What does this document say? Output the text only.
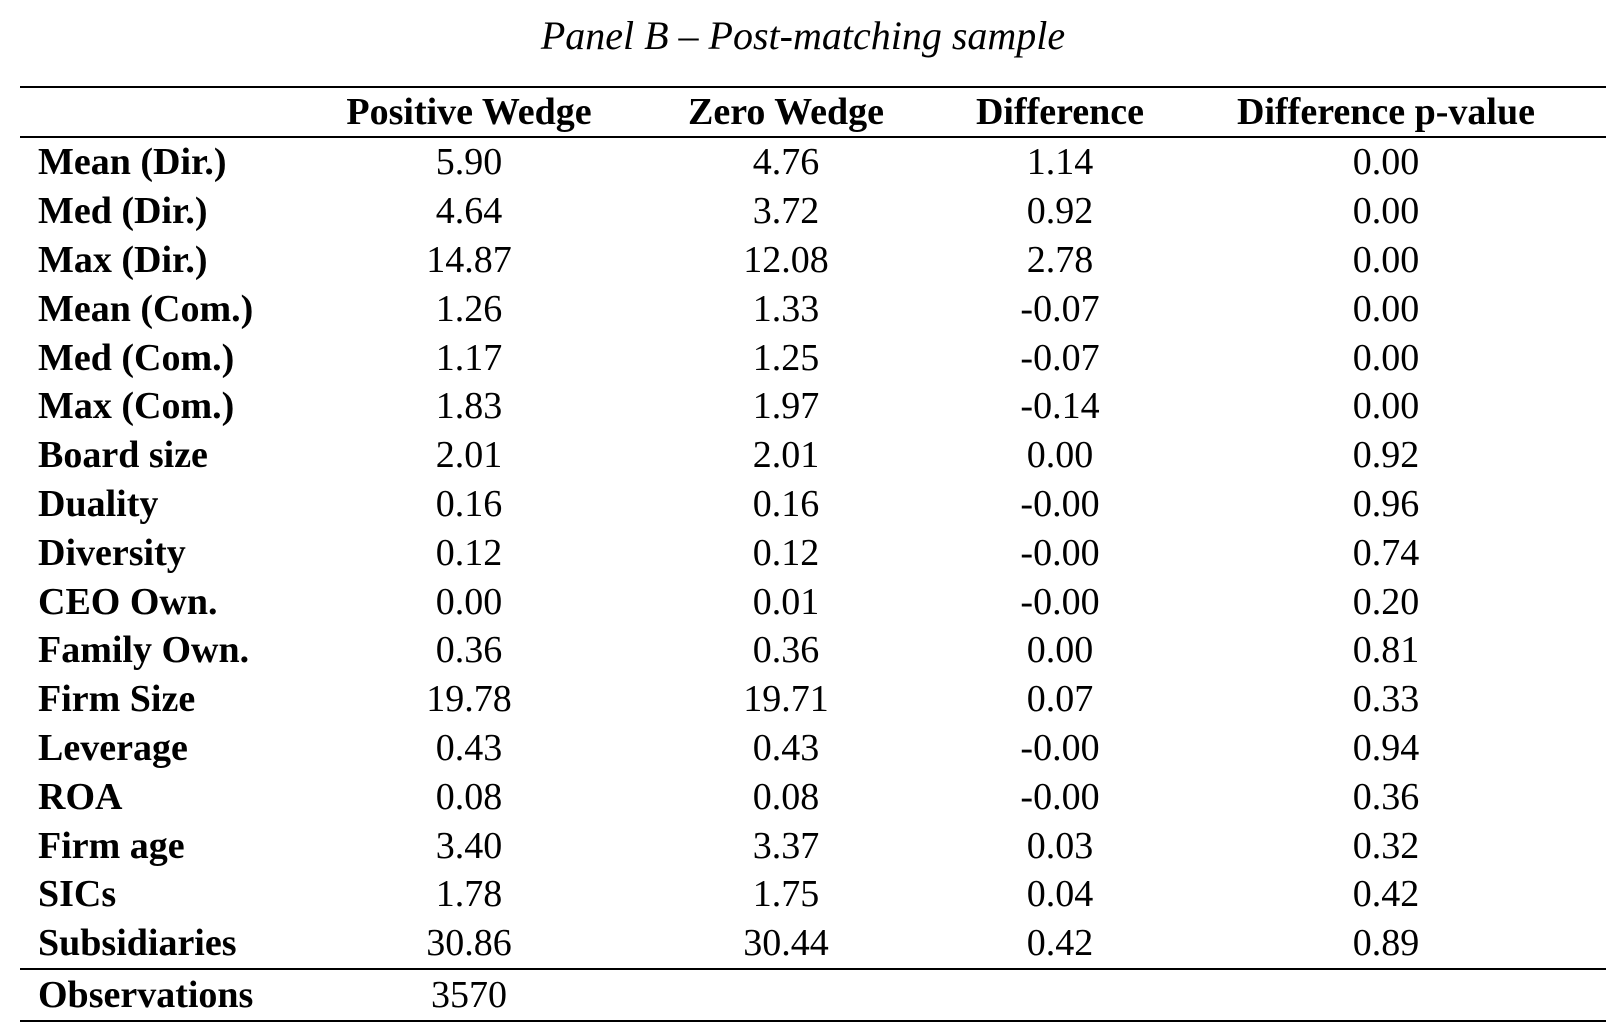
Panel B – Post-matching sample
	Positive Wedge	Zero Wedge	Difference	Difference p-value
Mean (Dir.)	5.90	4.76	1.14	0.00
Med (Dir.)	4.64	3.72	0.92	0.00
Max (Dir.)	14.87	12.08	2.78	0.00
Mean (Com.)	1.26	1.33	-0.07	0.00
Med (Com.)	1.17	1.25	-0.07	0.00
Max (Com.)	1.83	1.97	-0.14	0.00
Board size	2.01	2.01	0.00	0.92
Duality	0.16	0.16	-0.00	0.96
Diversity	0.12	0.12	-0.00	0.74
CEO Own.	0.00	0.01	-0.00	0.20
Family Own.	0.36	0.36	0.00	0.81
Firm Size	19.78	19.71	0.07	0.33
Leverage	0.43	0.43	-0.00	0.94
ROA	0.08	0.08	-0.00	0.36
Firm age	3.40	3.37	0.03	0.32
SICs	1.78	1.75	0.04	0.42
Subsidiaries	30.86	30.44	0.42	0.89
Observations	3570			
